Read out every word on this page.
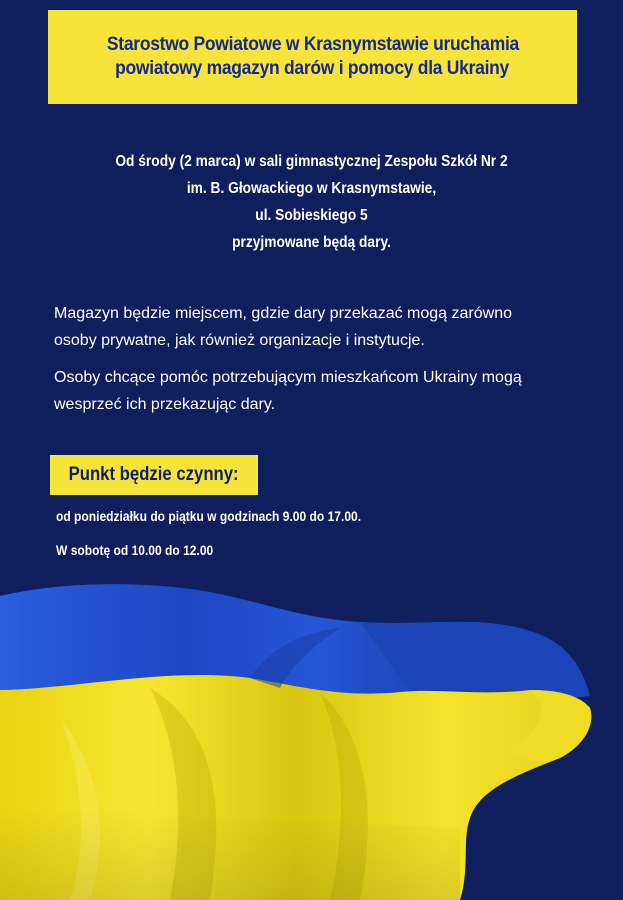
Starostwo Powiatowe w Krasnymstawie uruchamia
powiatowy magazyn darów i pomocy dla Ukrainy
Od środy (2 marca) w sali gimnastycznej Zespołu Szkół Nr 2
im. B. Głowackiego w Krasnymstawie,
ul. Sobieskiego 5
przyjmowane będą dary.
Magazyn będzie miejscem, gdzie dary przekazać mogą zarówno
osoby prywatne, jak również organizacje i instytucje.
Osoby chcące pomóc potrzebującym mieszkańcom Ukrainy mogą
wesprzeć ich przekazując dary.
Punkt będzie czynny:
od poniedziałku do piątku w godzinach 9.00 do 17.00.
W sobotę od 10.00 do 12.00
